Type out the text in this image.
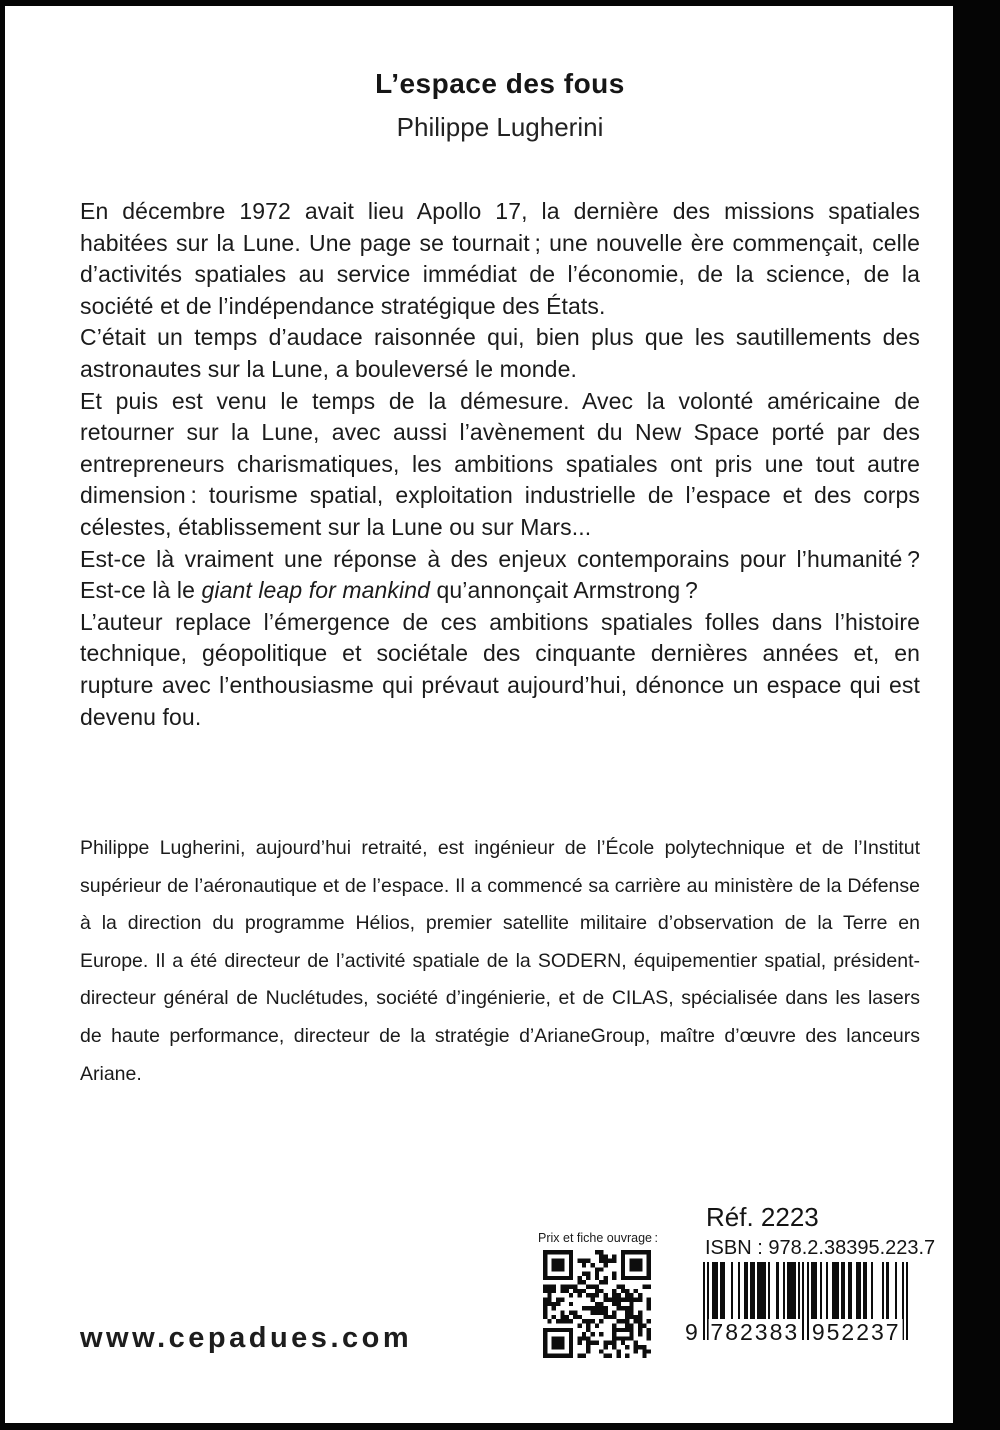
L’espace des fous
Philippe Lugherini

En décembre 1972 avait lieu Apollo 17, la dernière des missions spatiales habitées sur la Lune. Une page se tournait ; une nouvelle ère commençait, celle d’activités spatiales au service immédiat de l’économie, de la science, de la société et de l’indépendance stratégique des États.

C’était un temps d’audace raisonnée qui, bien plus que les sautillements des astronautes sur la Lune, a bouleversé le monde.

Et puis est venu le temps de la démesure. Avec la volonté américaine de retourner sur la Lune, avec aussi l’avènement du New Space porté par des entrepreneurs charismatiques, les ambitions spatiales ont pris une tout autre dimension : tourisme spatial, exploitation industrielle de l’espace et des corps célestes, établissement sur la Lune ou sur Mars...

Est-ce là vraiment une réponse à des enjeux contemporains pour l’humanité ? Est-ce là le giant leap for mankind qu’annonçait Armstrong ?

L’auteur replace l’émergence de ces ambitions spatiales folles dans l’histoire technique, géopolitique et sociétale des cinquante dernières années et, en rupture avec l’enthousiasme qui prévaut aujourd’hui, dénonce un espace qui est devenu fou.

Philippe Lugherini, aujourd’hui retraité, est ingénieur de l’École polytechnique et de l’Institut supérieur de l’aéronautique et de l’espace. Il a commencé sa carrière au ministère de la Défense à la direction du programme Hélios, premier satellite militaire d’observation de la Terre en Europe. Il a été directeur de l’activité spatiale de la SODERN, équipementier spatial, président-directeur général de Nuclétudes, société d’ingénierie, et de CILAS, spécialisée dans les lasers de haute performance, directeur de la stratégie d’ArianeGroup, maître d’œuvre des lanceurs Ariane.
Prix et fiche ouvrage :
Réf. 2223
ISBN : 978.2.38395.223.7
9 782383 952237
www.cepadues.com
